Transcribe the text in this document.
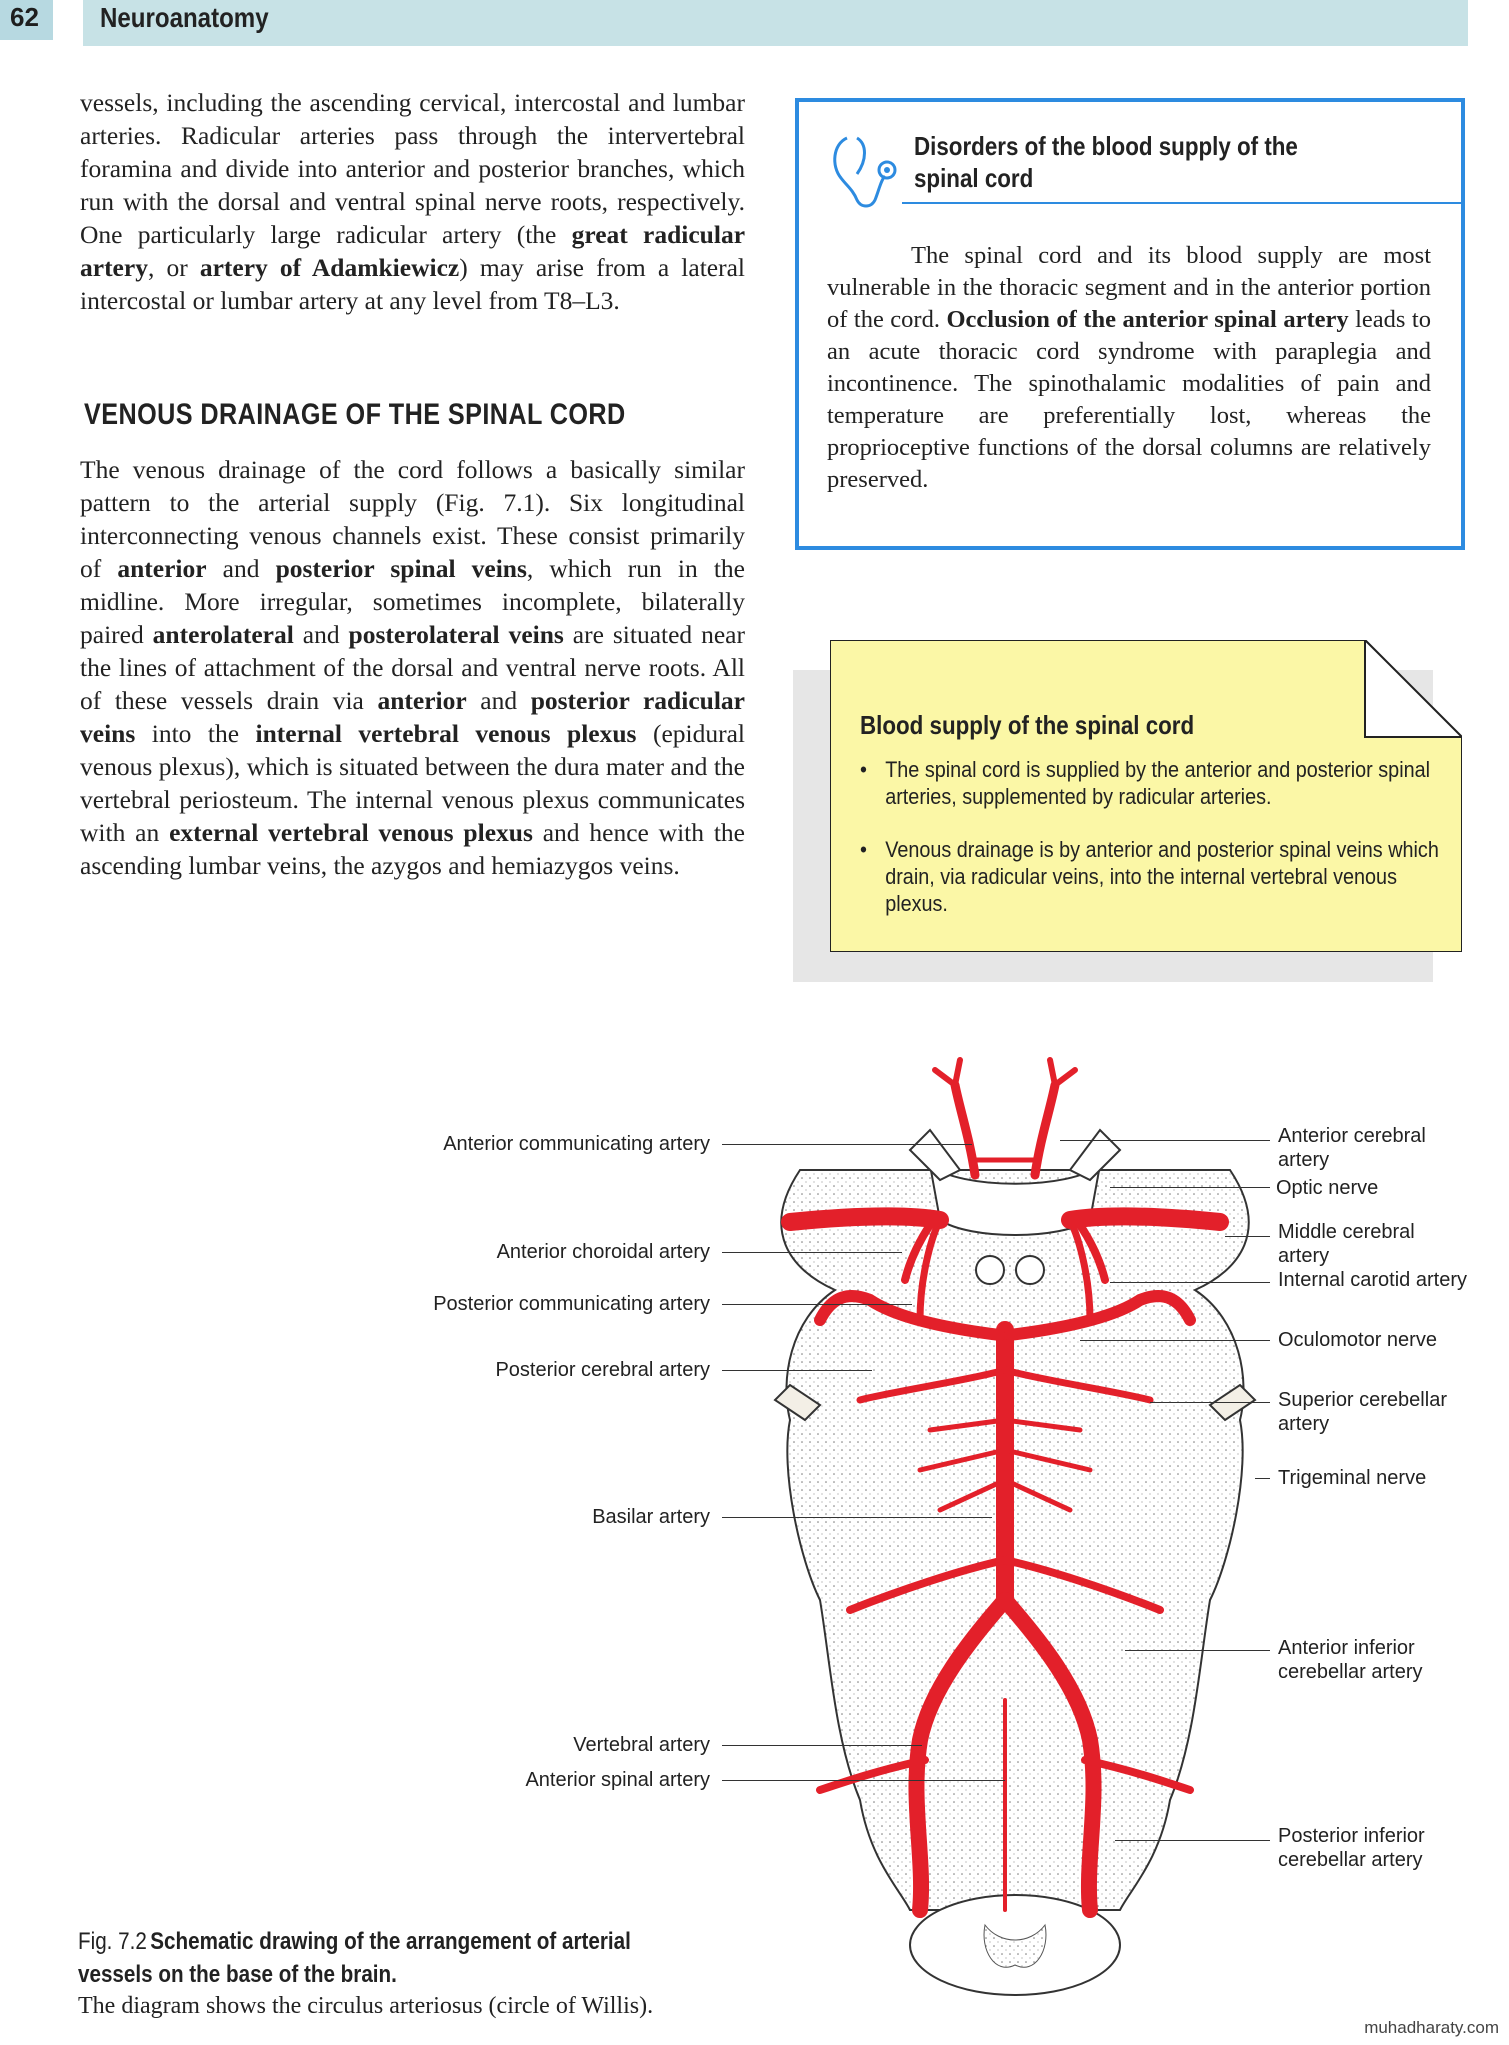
62 Neuroanatomy

vessels, including the ascending cervical, intercostal and lumbar arteries. Radicular arteries pass through the intervertebral foramina and divide into anterior and posterior branches, which run with the dorsal and ventral spinal nerve roots, respectively. One particularly large radicular artery (the great radicular artery, or artery of Adamkiewicz) may arise from a lateral intercostal or lumbar artery at any level from T8–L3.

VENOUS DRAINAGE OF THE SPINAL CORD

The venous drainage of the cord follows a basically similar pattern to the arterial supply (Fig. 7.1). Six longitudinal interconnecting venous channels exist. These consist primarily of anterior and posterior spinal veins, which run in the midline. More irregular, sometimes incomplete, bilaterally paired anterolateral and posterolateral veins are situated near the lines of attachment of the dorsal and ventral nerve roots. All of these vessels drain via anterior and posterior radicular veins into the internal vertebral venous plexus (epidural venous plexus), which is situated between the dura mater and the vertebral periosteum. The internal venous plexus communicates with an external vertebral venous plexus and hence with the ascending lumbar veins, the azygos and hemiazygos veins.

Disorders of the blood supply of the spinal cord

The spinal cord and its blood supply are most vulnerable in the thoracic segment and in the anterior portion of the cord. Occlusion of the anterior spinal artery leads to an acute thoracic cord syndrome with paraplegia and incontinence. The spinothalamic modalities of pain and temperature are preferentially lost, whereas the proprioceptive functions of the dorsal columns are relatively preserved.

Blood supply of the spinal cord
• The spinal cord is supplied by the anterior and posterior spinal arteries, supplemented by radicular arteries.
• Venous drainage is by anterior and posterior spinal veins which drain, via radicular veins, into the internal vertebral venous plexus.
Anterior communicating artery
Anterior choroidal artery
Posterior communicating artery
Posterior cerebral artery
Basilar artery
Vertebral artery
Anterior spinal artery
Anterior cerebral artery
Optic nerve
Middle cerebral artery
Internal carotid artery
Oculomotor nerve
Superior cerebellar artery
Trigeminal nerve
Anterior inferior cerebellar artery
Posterior inferior cerebellar artery
Fig. 7.2 Schematic drawing of the arrangement of arterial
vessels on the base of the brain.
The diagram shows the circulus arteriosus (circle of Willis).
muhadharaty.com
